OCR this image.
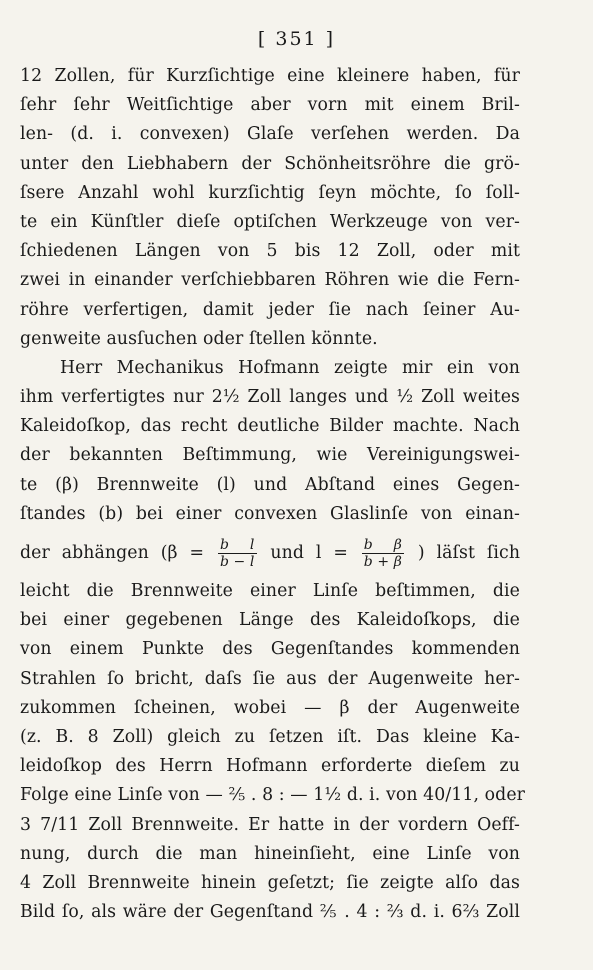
[ 351 ]
12 Zollen, für Kurzſichtige eine kleinere haben, für
ſehr ſehr Weitſichtige aber vorn mit einem Bril-
len- (d. i. convexen) Glaſe verſehen werden. Da
unter den Liebhabern der Schönheitsröhre die grö-
ſsere Anzahl wohl kurzſichtig ſeyn möchte, ſo ſoll-
te ein Künſtler dieſe optiſchen Werkzeuge von ver-
ſchiedenen Längen von 5 bis 12 Zoll, oder mit
zwei in einander verſchiebbaren Röhren wie die Fern-
röhre verfertigen, damit jeder ſie nach ſeiner Au-
genweite ausſuchen oder ſtellen könnte.
Herr Mechanikus Hofmann zeigte mir ein von
ihm verfertigtes nur 2½ Zoll langes und ½ Zoll weites
Kaleidoſkop, das recht deutliche Bilder machte. Nach
der bekannten Beſtimmung, wie Vereinigungswei-
te (β) Brennweite (l) und Abſtand eines Gegen-
ſtandes (b) bei einer convexen Glaslinſe von einan-
der abhängen ($\beta = \frac{\text{b l}}{b - l}$ und $l = \frac{\text{b β}}{b + \beta}$ ) läſst ſich
leicht die Brennweite einer Linſe beſtimmen, die
bei einer gegebenen Länge des Kaleidoſkops, die
von einem Punkte des Gegenſtandes kommenden
Strahlen ſo bricht, daſs ſie aus der Augenweite her-
zukommen ſcheinen, wobei — β der Augenweite
(z. B. 8 Zoll) gleich zu ſetzen iſt. Das kleine Ka-
leidoſkop des Herrn Hofmann erforderte dieſem zu
Folge eine Linſe von — ⅖ . 8 : — 1½ d. i. von 40/11, oder
3 7/11 Zoll Brennweite. Er hatte in der vordern Oeff-
nung, durch die man hineinſieht, eine Linſe von
4 Zoll Brennweite hinein geſetzt; ſie zeigte alſo das
Bild ſo, als wäre der Gegenſtand ⅖ . 4 : ⅔ d. i. 6⅔ Zoll
